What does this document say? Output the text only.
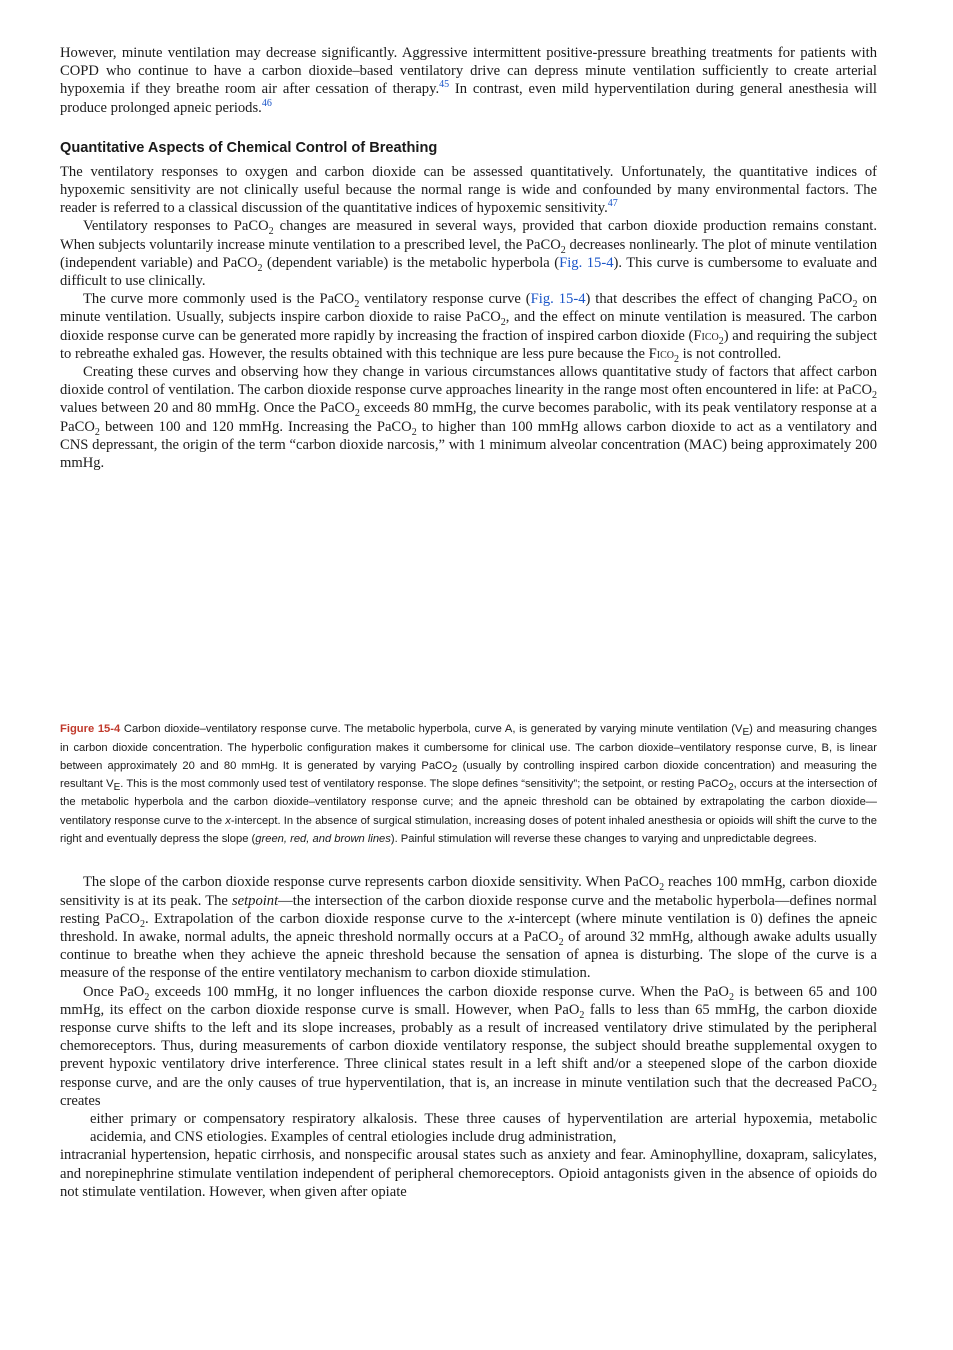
However, minute ventilation may decrease significantly. Aggressive intermittent positive-pressure breathing treatments for patients with COPD who continue to have a carbon dioxide–based ventilatory drive can depress minute ventilation sufficiently to create arterial hypoxemia if they breathe room air after cessation of therapy.$^{45}$ In contrast, even mild hyperventilation during general anesthesia will produce prolonged apneic periods.$^{46}$

Quantitative Aspects of Chemical Control of Breathing

The ventilatory responses to oxygen and carbon dioxide can be assessed quantitatively. Unfortunately, the quantitative indices of hypoxemic sensitivity are not clinically useful because the normal range is wide and confounded by many environmental factors. The reader is referred to a classical discussion of the quantitative indices of hypoxemic sensitivity.$^{47}$

Ventilatory responses to PaCO$_2$ changes are measured in several ways, provided that carbon dioxide production remains constant. When subjects voluntarily increase minute ventilation to a prescribed level, the PaCO$_2$ decreases nonlinearly. The plot of minute ventilation (independent variable) and PaCO$_2$ (dependent variable) is the metabolic hyperbola (Fig. 15-4). This curve is cumbersome to evaluate and difficult to use clinically.

The curve more commonly used is the PaCO$_2$ ventilatory response curve (Fig. 15-4) that describes the effect of changing PaCO$_2$ on minute ventilation. Usually, subjects inspire carbon dioxide to raise PaCO$_2$, and the effect on minute ventilation is measured. The carbon dioxide response curve can be generated more rapidly by increasing the fraction of inspired carbon dioxide (Fico$_2$) and requiring the subject to rebreathe exhaled gas. However, the results obtained with this technique are less pure because the Fico$_2$ is not controlled.

Creating these curves and observing how they change in various circumstances allows quantitative study of factors that affect carbon dioxide control of ventilation. The carbon dioxide response curve approaches linearity in the range most often encountered in life: at PaCO$_2$ values between 20 and 80 mmHg. Once the PaCO$_2$ exceeds 80 mmHg, the curve becomes parabolic, with its peak ventilatory response at a PaCO$_2$ between 100 and 120 mmHg. Increasing the PaCO$_2$ to higher than 100 mmHg allows carbon dioxide to act as a ventilatory and CNS depressant, the origin of the term “carbon dioxide narcosis,” with 1 minimum alveolar concentration (MAC) being approximately 200 mmHg.

Figure 15-4 Carbon dioxide–ventilatory response curve. The metabolic hyperbola, curve A, is generated by varying minute ventilation $(V_E)$ and measuring changes in carbon dioxide concentration. The hyperbolic configuration makes it cumbersome for clinical use. The carbon dioxide–ventilatory response curve, B, is linear between approximately 20 and 80 mmHg. It is generated by varying PaCO$_2$ (usually by controlling inspired carbon dioxide concentration) and measuring the resultant $V_E$. This is the most commonly used test of ventilatory response. The slope defines “sensitivity”; the setpoint, or resting PaCO$_2$, occurs at the intersection of the metabolic hyperbola and the carbon dioxide–ventilatory response curve; and the apneic threshold can be obtained by extrapolating the carbon dioxide—ventilatory response curve to the x-intercept. In the absence of surgical stimulation, increasing doses of potent inhaled anesthesia or opioids will shift the curve to the right and eventually depress the slope (green, red, and brown lines). Painful stimulation will reverse these changes to varying and unpredictable degrees.

The slope of the carbon dioxide response curve represents carbon dioxide sensitivity. When PaCO$_2$ reaches 100 mmHg, carbon dioxide sensitivity is at its peak. The setpoint—the intersection of the carbon dioxide response curve and the metabolic hyperbola—defines normal resting PaCO$_2$. Extrapolation of the carbon dioxide response curve to the x-intercept (where minute ventilation is 0) defines the apneic threshold. In awake, normal adults, the apneic threshold normally occurs at a PaCO$_2$ of around 32 mmHg, although awake adults usually continue to breathe when they achieve the apneic threshold because the sensation of apnea is disturbing. The slope of the curve is a measure of the response of the entire ventilatory mechanism to carbon dioxide stimulation.

Once PaO$_2$ exceeds 100 mmHg, it no longer influences the carbon dioxide response curve. When the PaO$_2$ is between 65 and 100 mmHg, its effect on the carbon dioxide response curve is small. However, when PaO$_2$ falls to less than 65 mmHg, the carbon dioxide response curve shifts to the left and its slope increases, probably as a result of increased ventilatory drive stimulated by the peripheral chemoreceptors. Thus, during measurements of carbon dioxide ventilatory response, the subject should breathe supplemental oxygen to prevent hypoxic ventilatory drive interference. Three clinical states result in a left shift and/or a steepened slope of the carbon dioxide response curve, and are the only causes of true hyperventilation, that is, an increase in minute ventilation such that the decreased PaCO$_2$ creates

either primary or compensatory respiratory alkalosis. These three causes of hyperventilation are arterial hypoxemia, metabolic acidemia, and CNS etiologies. Examples of central etiologies include drug administration,

intracranial hypertension, hepatic cirrhosis, and nonspecific arousal states such as anxiety and fear. Aminophylline, doxapram, salicylates, and norepinephrine stimulate ventilation independent of peripheral chemoreceptors. Opioid antagonists given in the absence of opioids do not stimulate ventilation. However, when given after opiate
